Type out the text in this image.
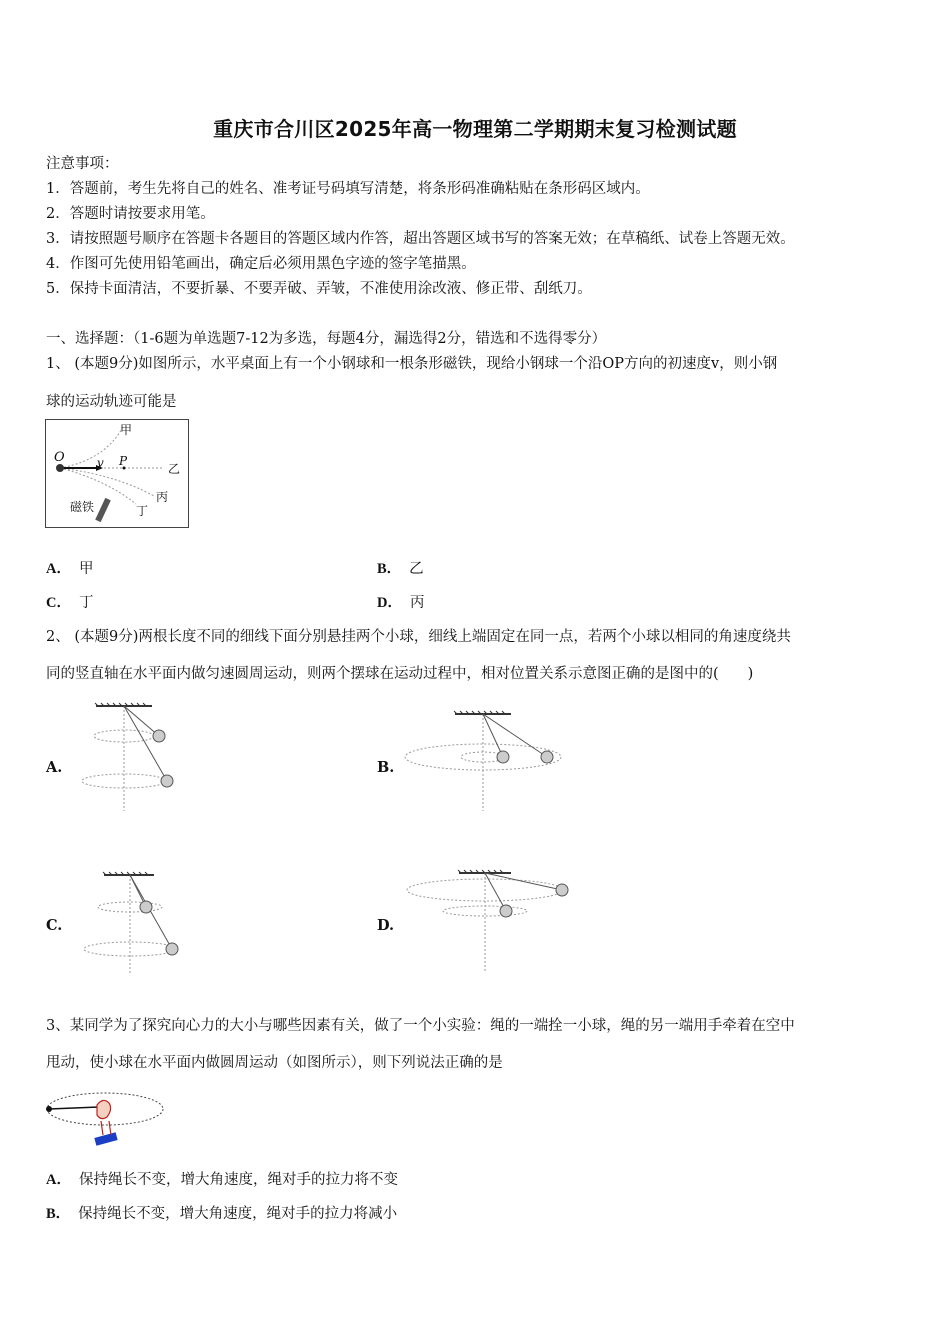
重庆市合川区2025年高一物理第二学期期末复习检测试题
注意事项：
1．答题前，考生先将自己的姓名、准考证号码填写清楚，将条形码准确粘贴在条形码区域内。
2．答题时请按要求用笔。
3．请按照题号顺序在答题卡各题目的答题区域内作答，超出答题区域书写的答案无效；在草稿纸、试卷上答题无效。
4．作图可先使用铅笔画出，确定后必须用黑色字迹的签字笔描黑。
5．保持卡面清洁，不要折暴、不要弄破、弄皱，不准使用涂改液、修正带、刮纸刀。
一、选择题：（1-6题为单选题7-12为多选，每题4分，漏选得2分，错选和不选得零分）
1、 (本题9分)如图所示，水平桌面上有一个小钢球和一根条形磁铁，现给小钢球一个沿OP方向的初速度v，则小钢
球的运动轨迹可能是
O	v P
甲
乙
丙
丁
磁铁
A． 甲	B． 乙
C． 丁	D． 丙
2、 (本题9分)两根长度不同的细线下面分别悬挂两个小球，细线上端固定在同一点，若两个小球以相同的角速度绕共
同的竖直轴在水平面内做匀速圆周运动，则两个摆球在运动过程中，相对位置关系示意图正确的是图中的(　　)
A.	B.
C.	D.
3、某同学为了探究向心力的大小与哪些因素有关，做了一个小实验：绳的一端拴一小球，绳的另一端用手牵着在空中
甩动，使小球在水平面内做圆周运动（如图所示），则下列说法正确的是
A． 保持绳长不变，增大角速度，绳对手的拉力将不变
B． 保持绳长不变，增大角速度，绳对手的拉力将减小
